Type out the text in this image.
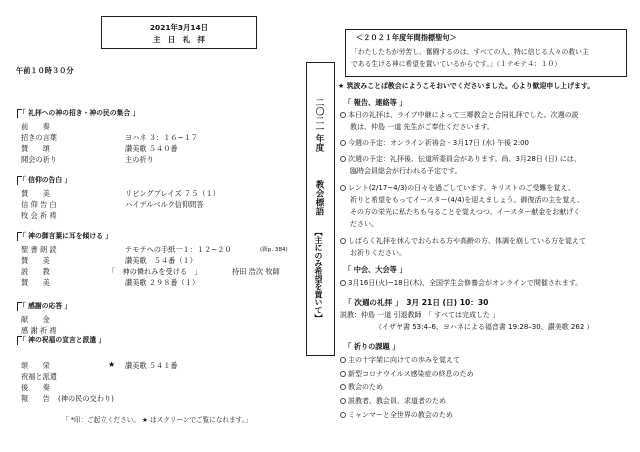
2021年3月14日
主　日　礼　拝
午前１０時３０分
「 礼拝への神の招き・神の民の集合 」
前　　奏
招きの言葉	ヨハネ ３：１６~１７
賛　　頌	讃美歌 ５４０番
開会の祈り	主の祈り
「 信仰の告白 」
賛　　美	リビングプレイズ ７５（１）
信 仰 告 白	ハイデルベルク信仰問答
牧 会 祈 祷
「 神の御言葉に耳を傾ける 」
聖 書 朗 読	テモテへの手紙一１：１２~２０	(新p. 384)
賛　　美	讃美歌　５４番（１）
説　　教	「　神の憐れみを受ける　」	持田 浩次 牧師
賛　　美	讃美歌 ２９８番（１）
「 感謝の応答 」
献　　金
感 謝 祈 祷
「 神の祝福の宣言と派遣 」
頌　　栄	★ 讃美歌 ５４１番
祝福と派遣
後　　奏
報　　告 (神の民の交わり)
「 *印：ご起立ください。 ★ はスクリーンでご覧になれます。」
二〇二一年度
教会標語
【主にのみ希望を置いて】
＜２０２１年度年間指標聖句＞
「わたしたちが労苦し、奮闘するのは、すべての人、特に信じる人々の救い主
である生ける神に希望を置いているからです。」（１テモテ４：１０）
★ 筑波みことば教会にようこそおいでくださいました。心より歓迎申し上げます。
「 報告、連絡等 」
本日の礼拝は、ライブ中継によって三郷教会と合同礼拝でした。次週の説
教は、仲島 一道 先生がご奉仕くださいます。
今週の予定：オンライン祈祷会 - 3月17日 (水) 午後 2:00
次週の予定：礼拝後、伝道所委員会があります。尚、3月28日 (日) には、
臨時会員総会が行われる予定です。
レント(2/17~4/3)の日々を過ごしています。キリストのご受難を覚え、
祈りと希望をもってイースター(4/4)を迎えましょう。御復活の主を覚え、
その方の栄光に私たちも与ることを覚えつつ、イースター献金をお献げく
ださい。
しばらく礼拝を休んでおられる方や高齢の方、体調を崩している方を覚えて
お祈りください。
「 中会、大会等 」
3月16日(火)~18日(木)、全国学生会修養会がオンラインで開催されます。
「 次週の礼拝 」　3月 21日 (日) 10：30
説教：仲島 一道 引退教師　「 すべては完成した 」
（イザヤ書 53:4–6、ヨハネによる福音書 19:28–30、讃美歌 262 ）
「 祈りの課題 」
主の十字架に向けての歩みを覚えて
新型コロナウイルス感染症の終息のため
教会のため
説教者、教会員、求道者のため
ミャンマーと全世界の教会のため
